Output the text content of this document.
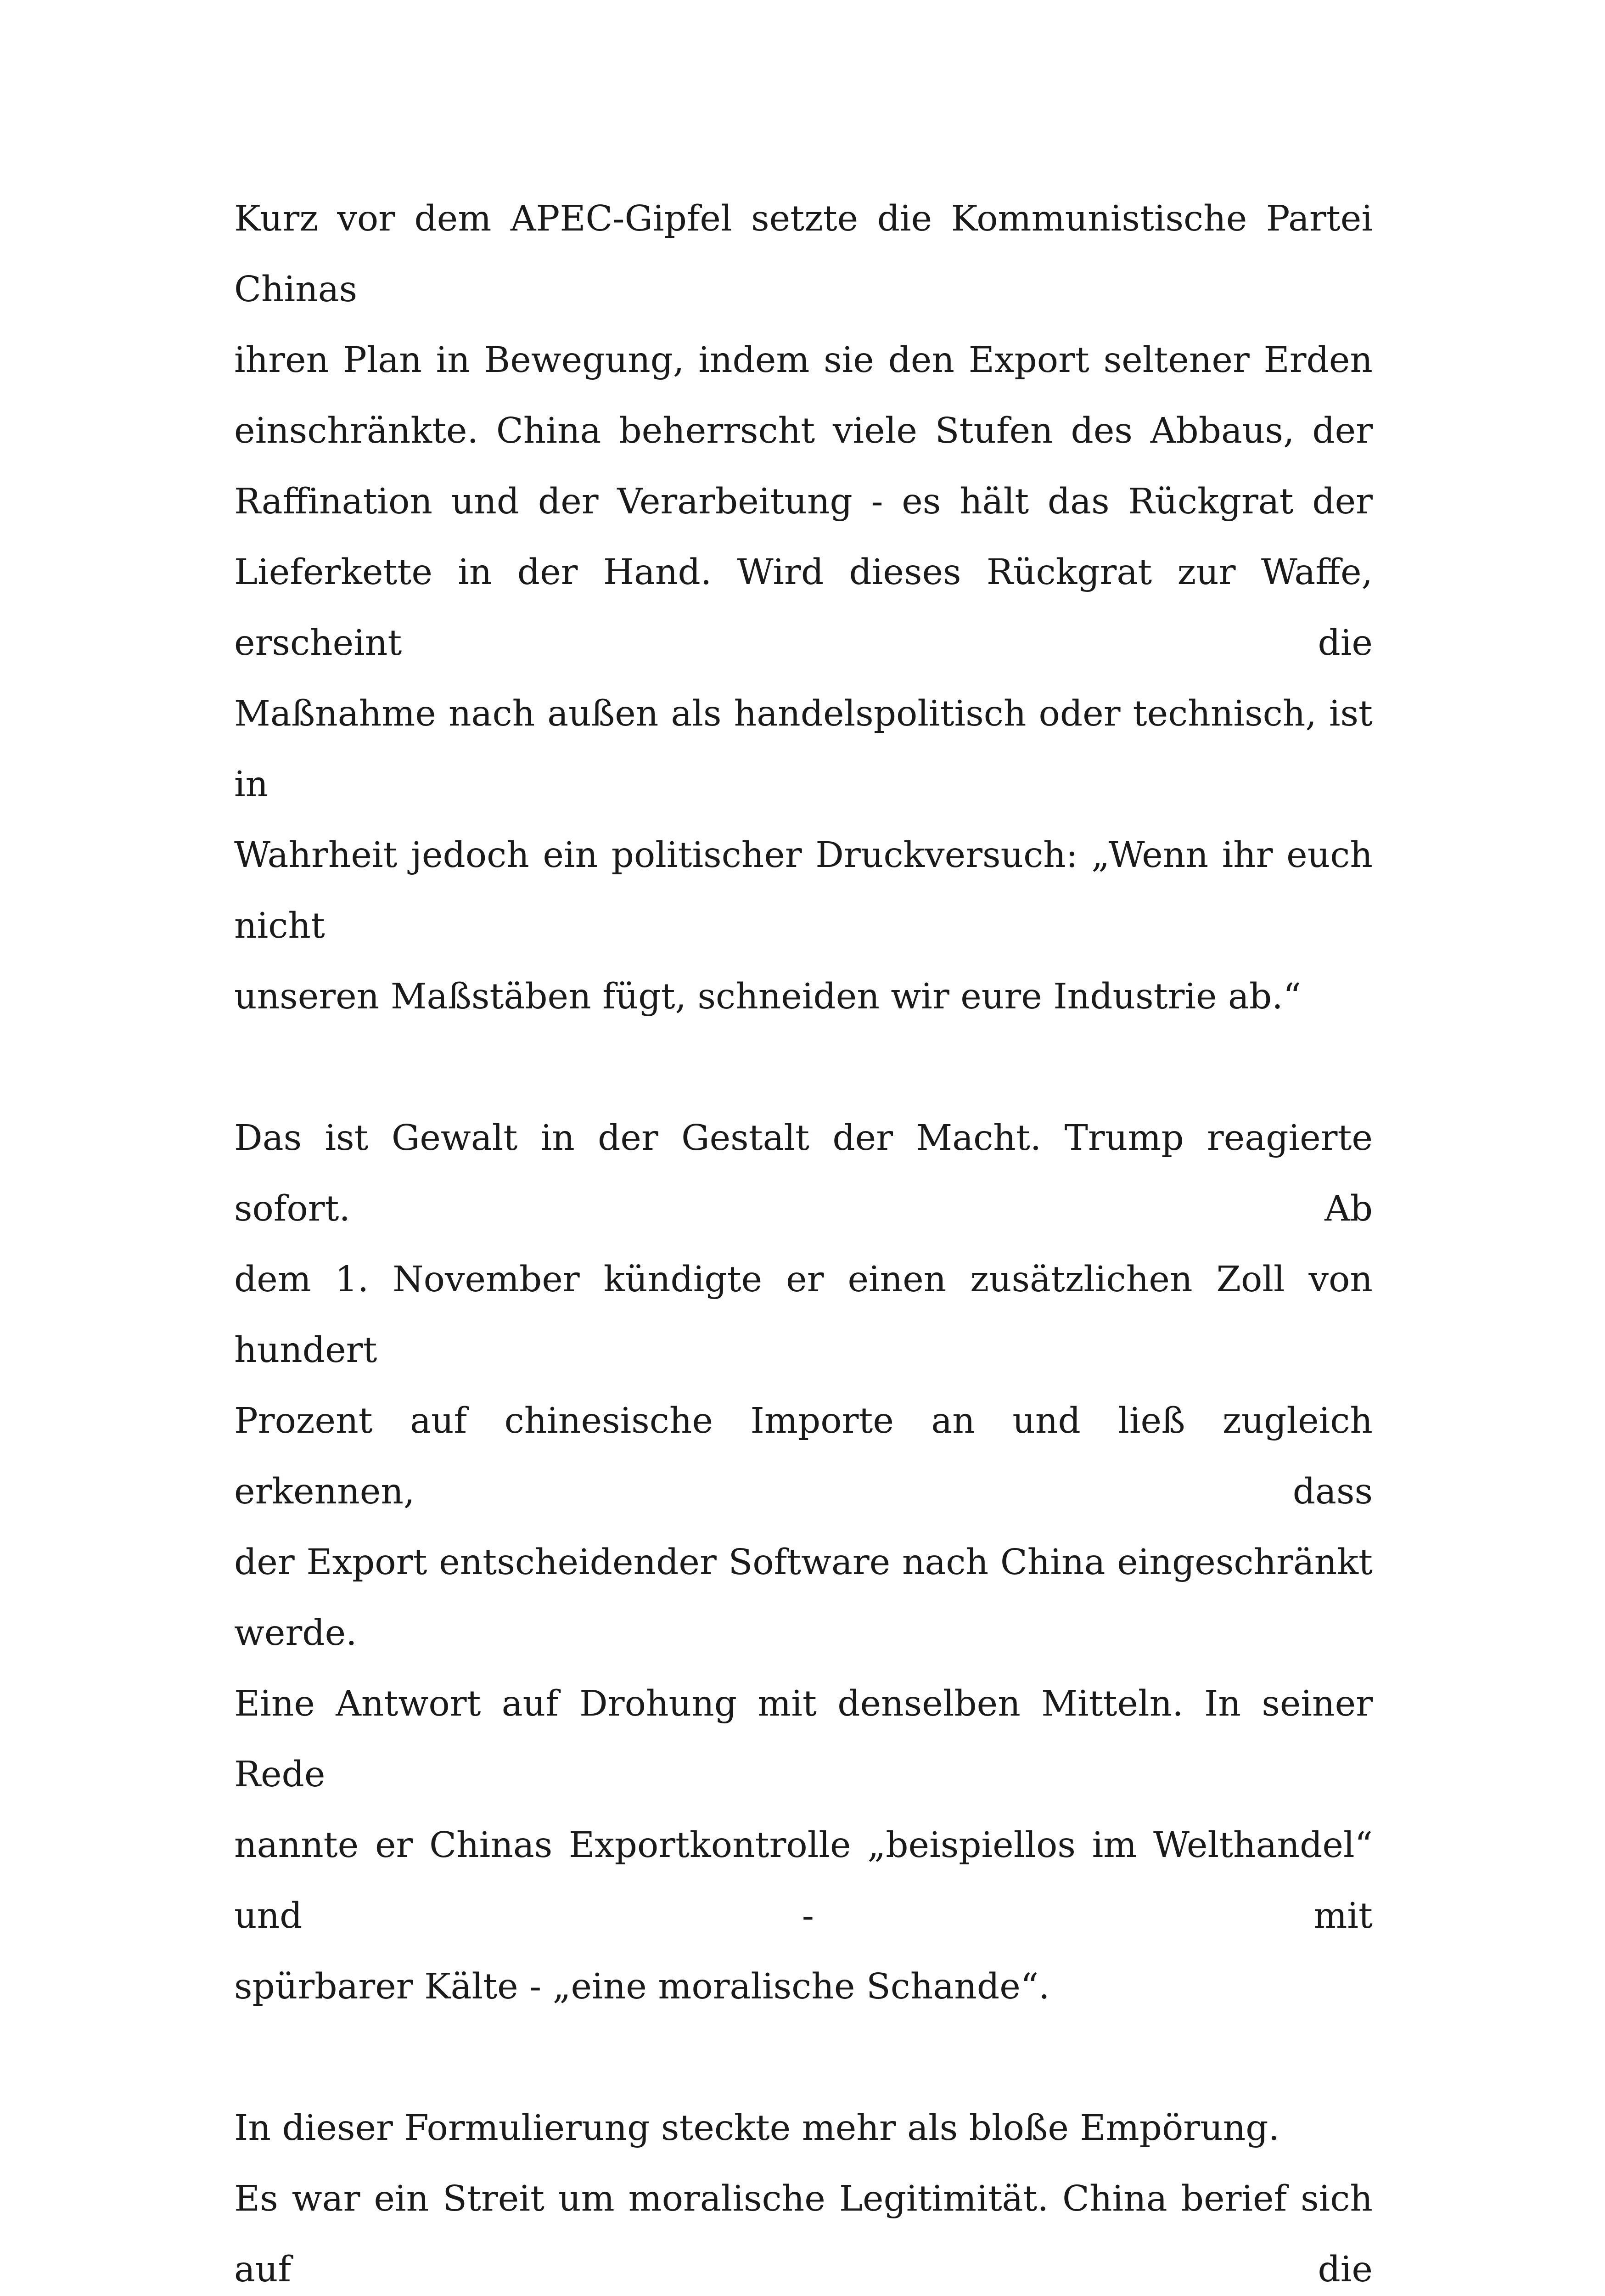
Kurz vor dem APEC-Gipfel setzte die Kommunistische Partei Chinas
ihren Plan in Bewegung, indem sie den Export seltener Erden
einschränkte. China beherrscht viele Stufen des Abbaus, der
Raffination und der Verarbeitung - es hält das Rückgrat der
Lieferkette in der Hand. Wird dieses Rückgrat zur Waffe, erscheint die
Maßnahme nach außen als handelspolitisch oder technisch, ist in
Wahrheit jedoch ein politischer Druckversuch: „Wenn ihr euch nicht
unseren Maßstäben fügt, schneiden wir eure Industrie ab.“
Das ist Gewalt in der Gestalt der Macht. Trump reagierte sofort. Ab
dem 1. November kündigte er einen zusätzlichen Zoll von hundert
Prozent auf chinesische Importe an und ließ zugleich erkennen, dass
der Export entscheidender Software nach China eingeschränkt werde.
Eine Antwort auf Drohung mit denselben Mitteln. In seiner Rede
nannte er Chinas Exportkontrolle „beispiellos im Welthandel“ und - mit
spürbarer Kälte - „eine moralische Schande“.
In dieser Formulierung steckte mehr als bloße Empörung.
Es war ein Streit um moralische Legitimität. China berief sich auf die
